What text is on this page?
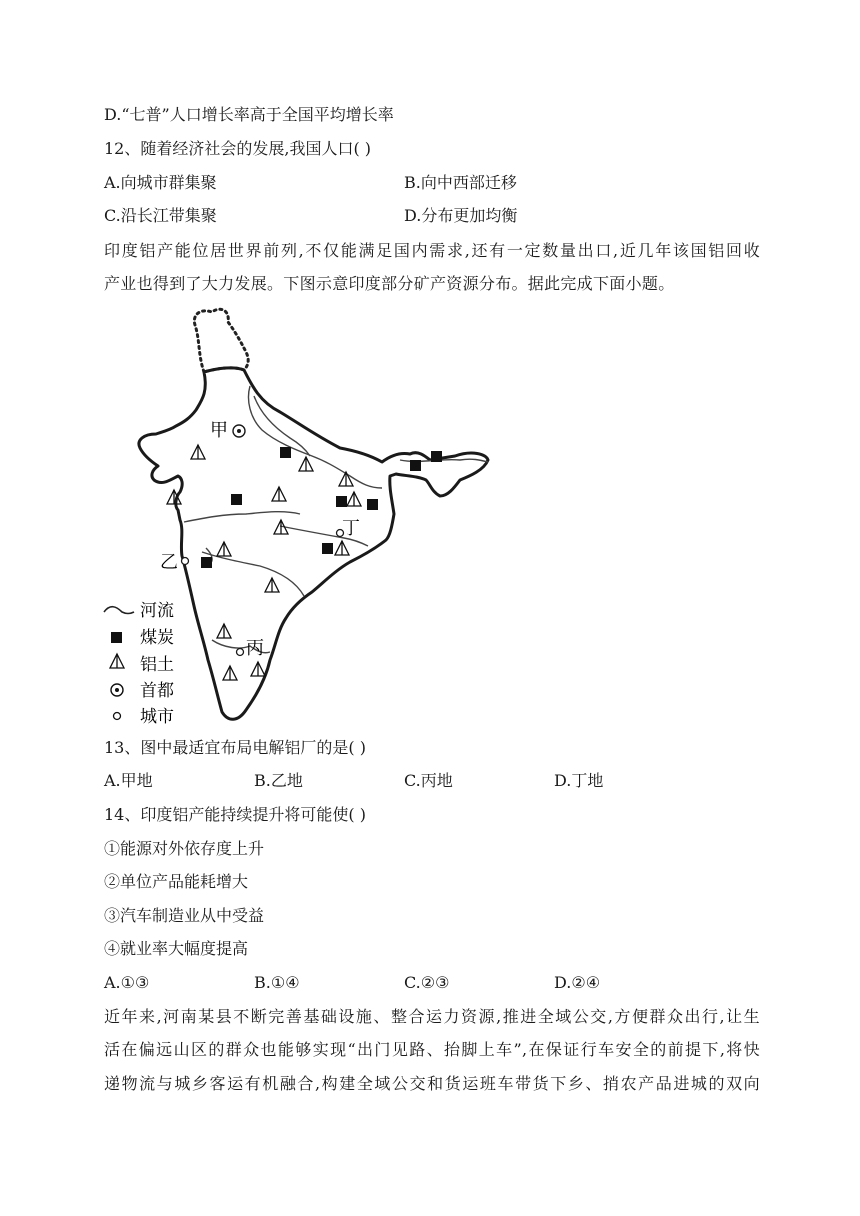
D.“七普”人口增长率高于全国平均增长率
12、随着经济社会的发展,我国人口( )
A.向城市群集聚	B.向中西部迁移
C.沿长江带集聚	D.分布更加均衡
印度铝产能位居世界前列,不仅能满足国内需求,还有一定数量出口,近几年该国铝回收
产业也得到了大力发展。下图示意印度部分矿产资源分布。据此完成下面小题。
甲
乙
丙
丁
河流
煤炭
铝土
首都
城市
13、图中最适宜布局电解铝厂的是( )
A.甲地	B.乙地	C.丙地	D.丁地
14、印度铝产能持续提升将可能使( )
①能源对外依存度上升
②单位产品能耗增大
③汽车制造业从中受益
④就业率大幅度提高
A.①③	B.①④	C.②③	D.②④
近年来,河南某县不断完善基础设施、整合运力资源,推进全域公交,方便群众出行,让生
活在偏远山区的群众也能够实现“出门见路、抬脚上车”,在保证行车安全的前提下,将快
递物流与城乡客运有机融合,构建全域公交和货运班车带货下乡、捎农产品进城的双向
